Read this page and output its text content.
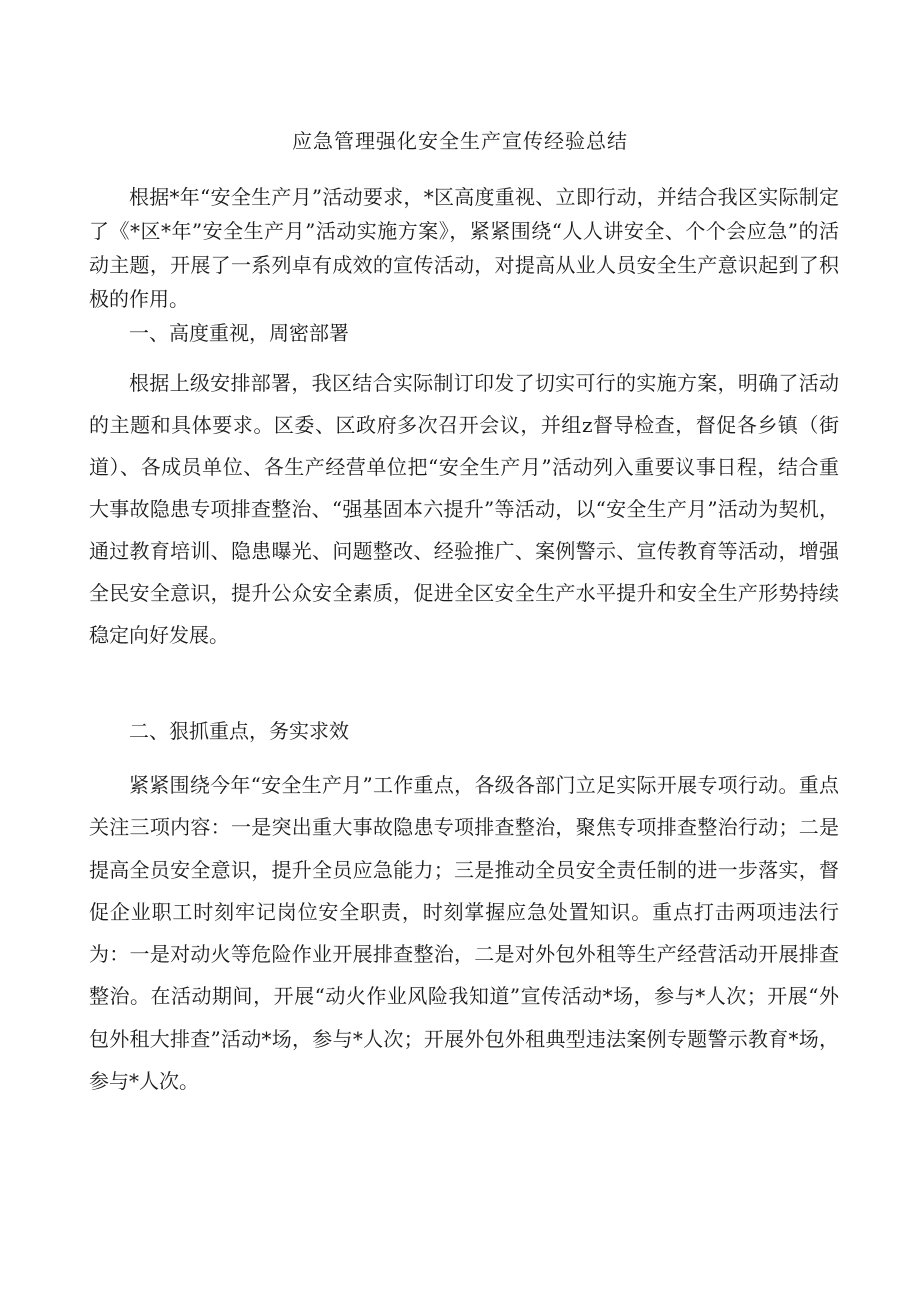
应急管理强化安全生产宣传经验总结

根据*年“安全生产月”活动要求，*区高度重视、立即行动，并结合我区实际制定了《*区*年”安全生产月”活动实施方案》，紧紧围绕“人人讲安全、个个会应急”的活动主题，开展了一系列卓有成效的宣传活动，对提高从业人员安全生产意识起到了积极的作用。

一、高度重视，周密部署

根据上级安排部署，我区结合实际制订印发了切实可行的实施方案，明确了活动的主题和具体要求。区委、区政府多次召开会议，并组z督导检查，督促各乡镇（街道）、各成员单位、各生产经营单位把“安全生产月”活动列入重要议事日程，结合重大事故隐患专项排查整治、“强基固本六提升”等活动，以“安全生产月”活动为契机，通过教育培训、隐患曝光、问题整改、经验推广、案例警示、宣传教育等活动，增强全民安全意识，提升公众安全素质，促进全区安全生产水平提升和安全生产形势持续稳定向好发展。

二、狠抓重点，务实求效

紧紧围绕今年“安全生产月”工作重点，各级各部门立足实际开展专项行动。重点关注三项内容：一是突出重大事故隐患专项排查整治，聚焦专项排查整治行动；二是提高全员安全意识，提升全员应急能力；三是推动全员安全责任制的进一步落实，督促企业职工时刻牢记岗位安全职责，时刻掌握应急处置知识。重点打击两项违法行为：一是对动火等危险作业开展排查整治，二是对外包外租等生产经营活动开展排查整治。在活动期间，开展“动火作业风险我知道”宣传活动*场，参与*人次；开展“外包外租大排查”活动*场，参与*人次；开展外包外租典型违法案例专题警示教育*场，参与*人次。
